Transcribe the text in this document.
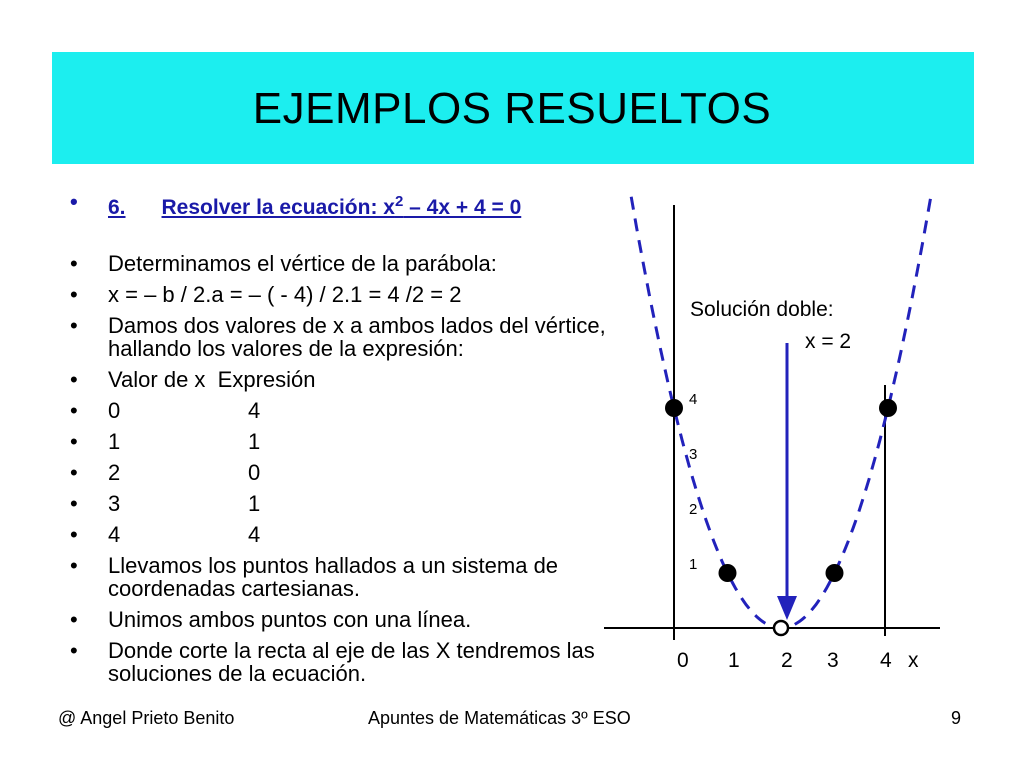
EJEMPLOS RESUELTOS
• 6. Resolver la ecuación: $x^2 - 4x + 4 = 0$
• Determinamos el vértice de la parábola:
• x = – b / 2.a = – ( - 4) / 2.1 = 4 /2 = 2
• Damos dos valores de x a ambos lados del vértice, hallando los valores de la expresión:
• Valor de x Expresión
• 0	4
• 1	1
• 2	0
• 3	1
• 4	4
• Llevamos los puntos hallados a un sistema de coordenadas cartesianas.
• Unimos ambos puntos con una línea.
• Donde corte la recta al eje de las X tendremos las soluciones de la ecuación.
Solución doble:
x = 2
4
3
2
1
0 1 2 3 4 x
@ Angel Prieto Benito	Apuntes de Matemáticas 3º ESO	9
